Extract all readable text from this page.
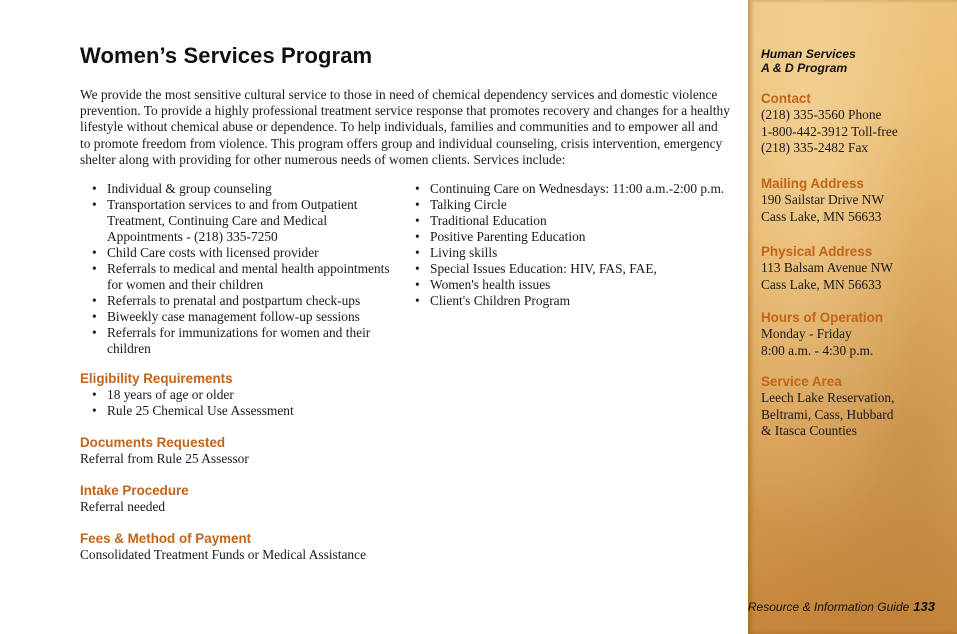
Women’s Services Program

We provide the most sensitive cultural service to those in need of chemical dependency services and domestic violence prevention. To provide a highly professional treatment service response that promotes recovery and changes for a healthy lifestyle without chemical abuse or dependence. To help individuals, families and communities and to empower all and to promote freedom from violence. This program offers group and individual counseling, crisis intervention, emergency shelter along with providing for other numerous needs of women clients. Services include:

• Individual & group counseling
• Transportation services to and from Outpatient Treatment, Continuing Care and Medical Appointments - (218) 335-7250
• Child Care costs with licensed provider
• Referrals to medical and mental health appointments for women and their children
• Referrals to prenatal and postpartum check-ups
• Biweekly case management follow-up sessions
• Referrals for immunizations for women and their children
• Continuing Care on Wednesdays: 11:00 a.m.-2:00 p.m.
• Talking Circle
• Traditional Education
• Positive Parenting Education
• Living skills
• Special Issues Education: HIV, FAS, FAE,
• Women's health issues
• Client's Children Program
Eligibility Requirements
• 18 years of age or older
• Rule 25 Chemical Use Assessment
Documents Requested

Referral from Rule 25 Assessor

Intake Procedure

Referral needed

Fees & Method of Payment

Consolidated Treatment Funds or Medical Assistance

Human Services
A & D Program

Contact

(218) 335-3560 Phone

1-800-442-3912 Toll-free

(218) 335-2482 Fax

Mailing Address

190 Sailstar Drive NW

Cass Lake, MN 56633

Physical Address

113 Balsam Avenue NW

Cass Lake, MN 56633

Hours of Operation

Monday - Friday

8:00 a.m. - 4:30 p.m.

Service Area

Leech Lake Reservation,

Beltrami, Cass, Hubbard

& Itasca Counties

Resource & Information Guide 133
